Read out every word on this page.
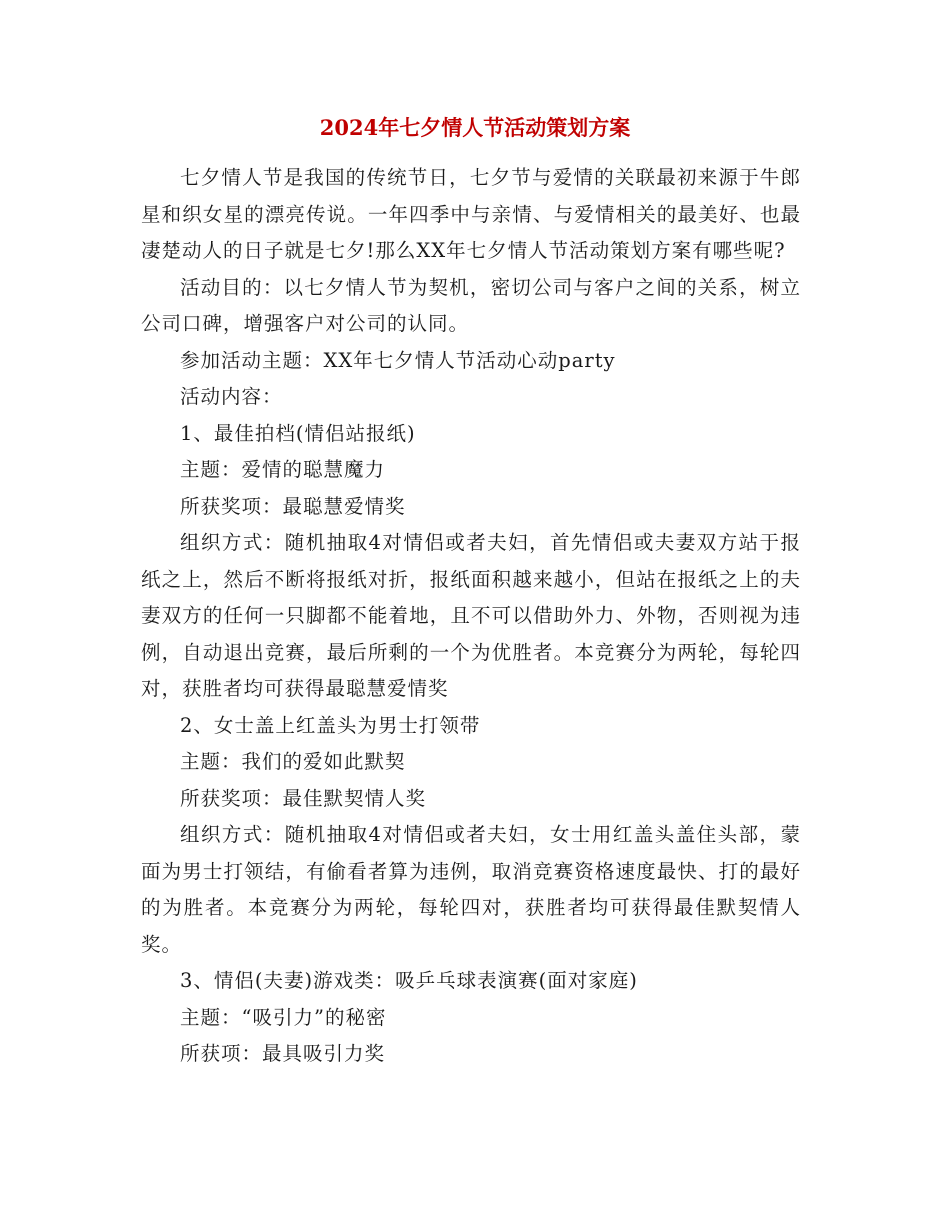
2024年七夕情人节活动策划方案

七夕情人节是我国的传统节日，七夕节与爱情的关联最初来源于牛郎星和织女星的漂亮传说。一年四季中与亲情、与爱情相关的最美好、也最凄楚动人的日子就是七夕!那么XX年七夕情人节活动策划方案有哪些呢?

活动目的：以七夕情人节为契机，密切公司与客户之间的关系，树立公司口碑，增强客户对公司的认同。

参加活动主题：XX年七夕情人节活动心动party

活动内容：

1、最佳拍档(情侣站报纸)

主题：爱情的聪慧魔力

所获奖项：最聪慧爱情奖

组织方式：随机抽取4对情侣或者夫妇，首先情侣或夫妻双方站于报纸之上，然后不断将报纸对折，报纸面积越来越小，但站在报纸之上的夫妻双方的任何一只脚都不能着地，且不可以借助外力、外物，否则视为违例，自动退出竞赛，最后所剩的一个为优胜者。本竞赛分为两轮，每轮四对，获胜者均可获得最聪慧爱情奖

2、女士盖上红盖头为男士打领带

主题：我们的爱如此默契

所获奖项：最佳默契情人奖

组织方式：随机抽取4对情侣或者夫妇，女士用红盖头盖住头部，蒙面为男士打领结，有偷看者算为违例，取消竞赛资格速度最快、打的最好的为胜者。本竞赛分为两轮，每轮四对，获胜者均可获得最佳默契情人奖。

3、情侣(夫妻)游戏类：吸乒乓球表演赛(面对家庭)

主题：“吸引力”的秘密

所获项：最具吸引力奖
